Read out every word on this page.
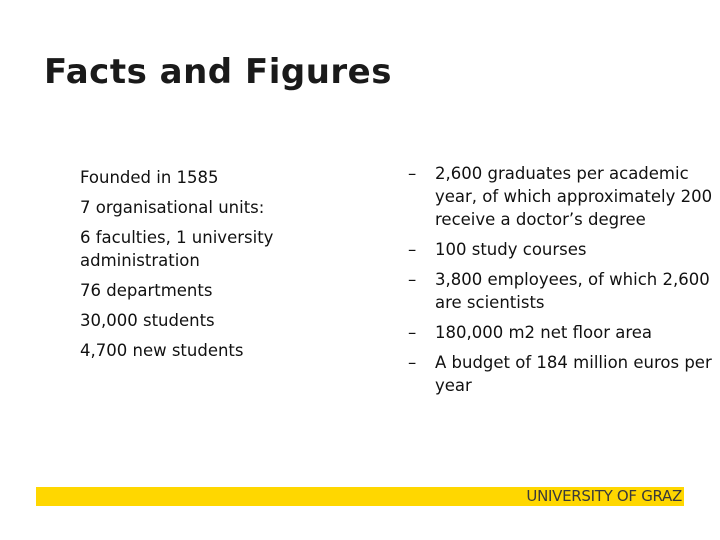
Facts and Figures
Founded in 1585
7 organisational units:
6 faculties, 1 university administration
76 departments
30,000 students
4,700 new students
– 2,600 graduates per academic year, of which approximately 200 receive a doctor’s degree
– 100 study courses
– 3,800 employees, of which 2,600 are scientists
– 180,000 m2 net floor area
– A budget of 184 million euros per year
UNIVERSITY OF GRAZ
